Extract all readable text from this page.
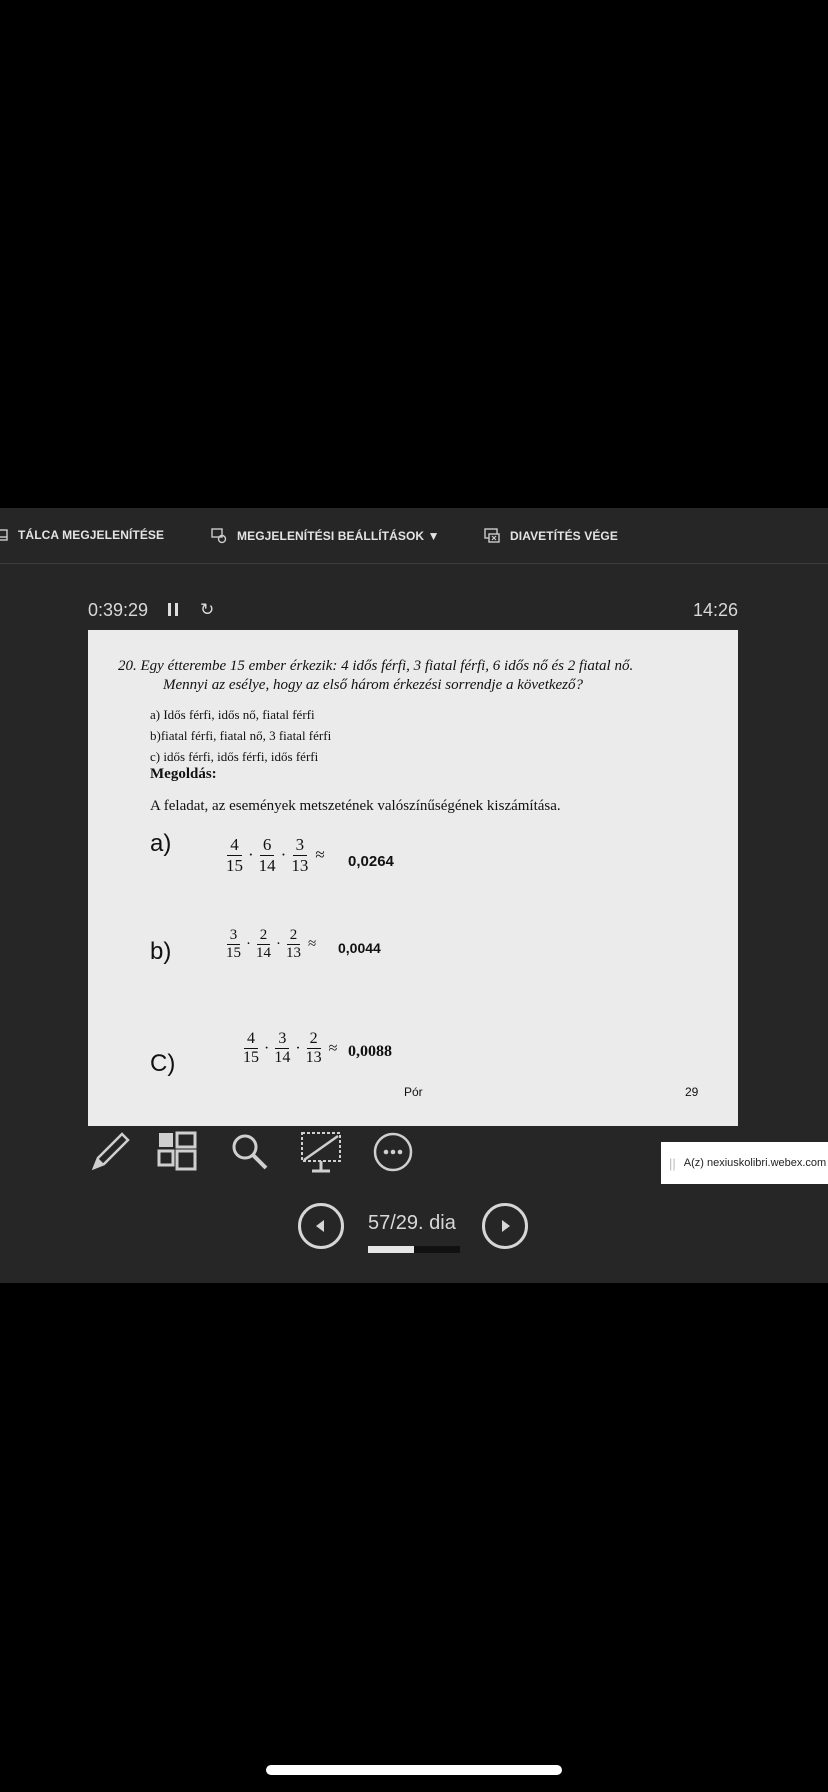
TÁLCA MEGJELENÍTÉSE	MEGJELENÍTÉSI BEÁLLÍTÁSOK ▼	DIAVETÍTÉS VÉGE
0:39:29	↻	14:26
20. Egy étterembe 15 ember érkezik: 4 idős férfi, 3 fiatal férfi, 6 idős nő és 2 fiatal nő.
Mennyi az esélye, hogy az első három érkezési sorrendje a következő?
a) Idős férfi, idős nő, fiatal férfi
b)fiatal férfi, fiatal nő, 3 fiatal férfi
c) idős férfi, idős férfi, idős férfi
Megoldás:
A feladat, az események metszetének valószínűségének kiszámítása.
a)	$\frac{4}{15} \cdot \frac{6}{14} \cdot \frac{3}{13} \approx 0,0264$
b)	$\frac{3}{15} \cdot \frac{2}{14} \cdot \frac{2}{13} \approx 0,0044$
C)	$\frac{4}{15} \cdot \frac{3}{14} \cdot \frac{2}{13} \approx 0,0088$
Pór	29
57/29. dia
|| A(z) nexiuskolibri.webex.com
